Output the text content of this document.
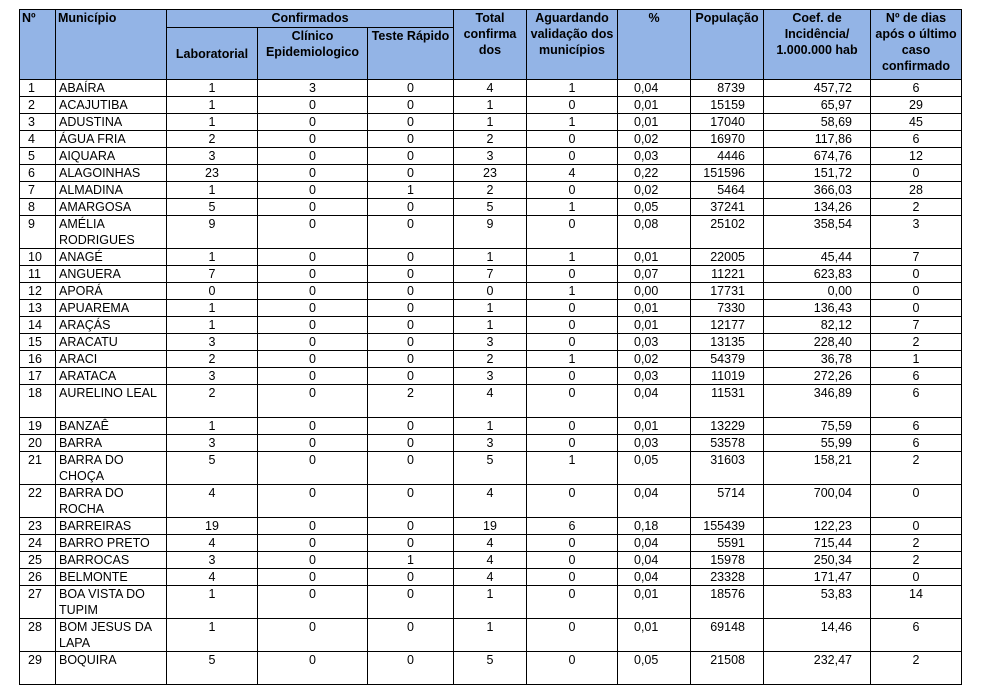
Nº	Município	Confirmados			Total confirma dos	Aguardando validação dos municípios	%	População	Coef. de Incidência/ 1.000.000 hab	Nº de dias após o último caso confirmado
		Laboratorial	Clínico Epidemiologico	Teste Rápido						
1	ABAÍRA	1	3	0	4	1	0,04	8739	457,72	6
2	ACAJUTIBA	1	0	0	1	0	0,01	15159	65,97	29
3	ADUSTINA	1	0	0	1	1	0,01	17040	58,69	45
4	ÁGUA FRIA	2	0	0	2	0	0,02	16970	117,86	6
5	AIQUARA	3	0	0	3	0	0,03	4446	674,76	12
6	ALAGOINHAS	23	0	0	23	4	0,22	151596	151,72	0
7	ALMADINA	1	0	1	2	0	0,02	5464	366,03	28
8	AMARGOSA	5	0	0	5	1	0,05	37241	134,26	2
9	AMÉLIA RODRIGUES	9	0	0	9	0	0,08	25102	358,54	3
10	ANAGÉ	1	0	0	1	1	0,01	22005	45,44	7
11	ANGUERA	7	0	0	7	0	0,07	11221	623,83	0
12	APORÁ	0	0	0	0	1	0,00	17731	0,00	0
13	APUAREMA	1	0	0	1	0	0,01	7330	136,43	0
14	ARAÇÁS	1	0	0	1	0	0,01	12177	82,12	7
15	ARACATU	3	0	0	3	0	0,03	13135	228,40	2
16	ARACI	2	0	0	2	1	0,02	54379	36,78	1
17	ARATACA	3	0	0	3	0	0,03	11019	272,26	6
18	AURELINO LEAL	2	0	2	4	0	0,04	11531	346,89	6
19	BANZAÊ	1	0	0	1	0	0,01	13229	75,59	6
20	BARRA	3	0	0	3	0	0,03	53578	55,99	6
21	BARRA DO CHOÇA	5	0	0	5	1	0,05	31603	158,21	2
22	BARRA DO ROCHA	4	0	0	4	0	0,04	5714	700,04	0
23	BARREIRAS	19	0	0	19	6	0,18	155439	122,23	0
24	BARRO PRETO	4	0	0	4	0	0,04	5591	715,44	2
25	BARROCAS	3	0	1	4	0	0,04	15978	250,34	2
26	BELMONTE	4	0	0	4	0	0,04	23328	171,47	0
27	BOA VISTA DO TUPIM	1	0	0	1	0	0,01	18576	53,83	14
28	BOM JESUS DA LAPA	1	0	0	1	0	0,01	69148	14,46	6
29	BOQUIRA	5	0	0	5	0	0,05	21508	232,47	2
